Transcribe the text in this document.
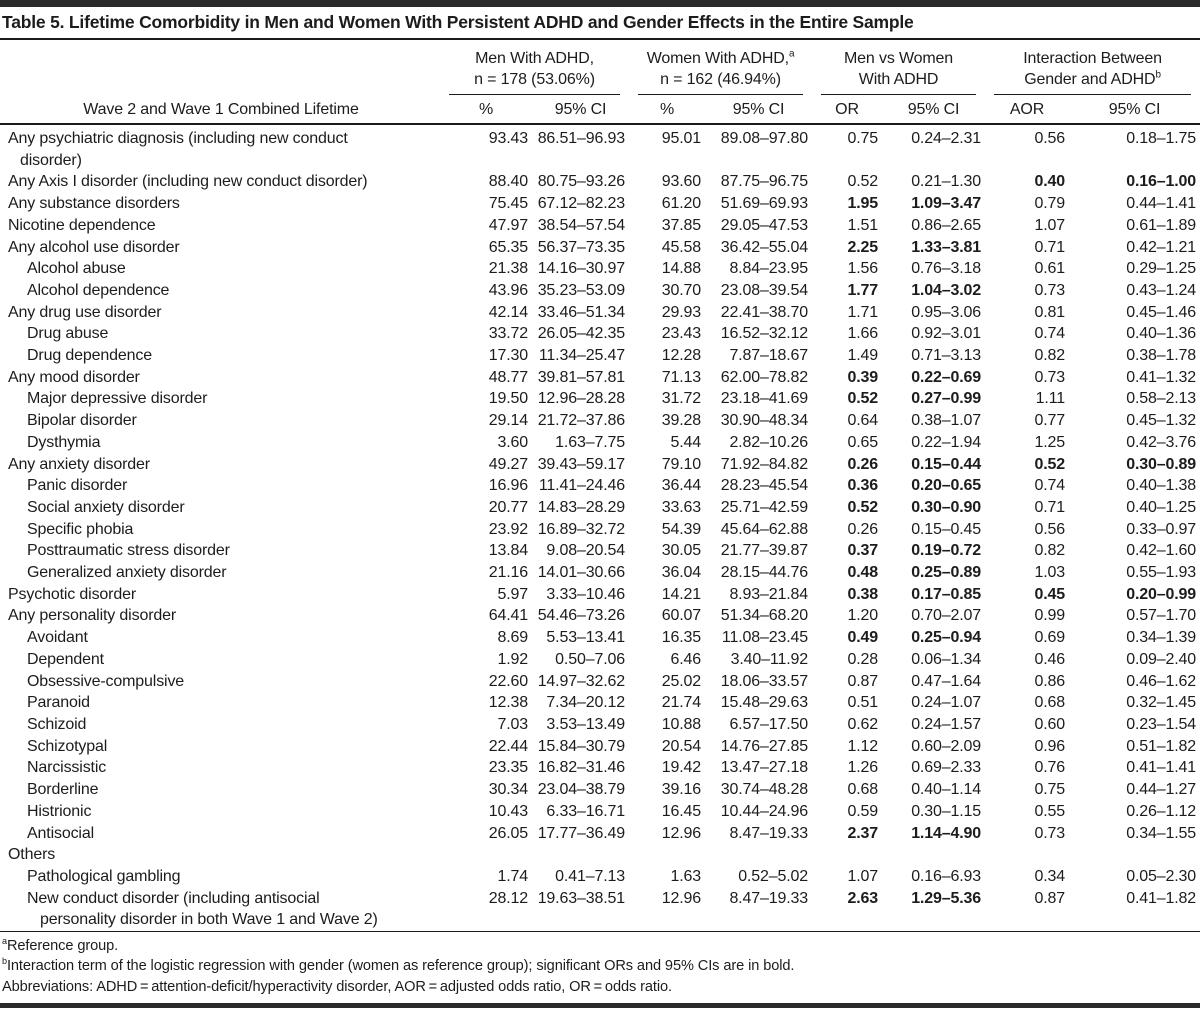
Table 5. Lifetime Comorbidity in Men and Women With Persistent ADHD and Gender Effects in the Entire Sample

	Men With ADHD,
n = 178 (53.06%)		Women With ADHD,$^a$
n = 162 (46.94%)		Men vs Women
With ADHD		Interaction Between
Gender and ADHD$^b$

Wave 2 and Wave 1 Combined Lifetime	%	95% CI	%	95% CI	OR	95% CI	AOR	95% CI
Any psychiatric diagnosis (including new conduct
disorder)	93.43	86.51–96.93	95.01	89.08–97.80	0.75	0.24–2.31	0.56	0.18–1.75
Any Axis I disorder (including new conduct disorder)	88.40	80.75–93.26	93.60	87.75–96.75	0.52	0.21–1.30	0.40	0.16–1.00
Any substance disorders	75.45	67.12–82.23	61.20	51.69–69.93	1.95	1.09–3.47	0.79	0.44–1.41
Nicotine dependence	47.97	38.54–57.54	37.85	29.05–47.53	1.51	0.86–2.65	1.07	0.61–1.89
Any alcohol use disorder	65.35	56.37–73.35	45.58	36.42–55.04	2.25	1.33–3.81	0.71	0.42–1.21
Alcohol abuse	21.38	14.16–30.97	14.88	8.84–23.95	1.56	0.76–3.18	0.61	0.29–1.25
Alcohol dependence	43.96	35.23–53.09	30.70	23.08–39.54	1.77	1.04–3.02	0.73	0.43–1.24
Any drug use disorder	42.14	33.46–51.34	29.93	22.41–38.70	1.71	0.95–3.06	0.81	0.45–1.46
Drug abuse	33.72	26.05–42.35	23.43	16.52–32.12	1.66	0.92–3.01	0.74	0.40–1.36
Drug dependence	17.30	11.34–25.47	12.28	7.87–18.67	1.49	0.71–3.13	0.82	0.38–1.78
Any mood disorder	48.77	39.81–57.81	71.13	62.00–78.82	0.39	0.22–0.69	0.73	0.41–1.32
Major depressive disorder	19.50	12.96–28.28	31.72	23.18–41.69	0.52	0.27–0.99	1.11	0.58–2.13
Bipolar disorder	29.14	21.72–37.86	39.28	30.90–48.34	0.64	0.38–1.07	0.77	0.45–1.32
Dysthymia	3.60	1.63–7.75	5.44	2.82–10.26	0.65	0.22–1.94	1.25	0.42–3.76
Any anxiety disorder	49.27	39.43–59.17	79.10	71.92–84.82	0.26	0.15–0.44	0.52	0.30–0.89
Panic disorder	16.96	11.41–24.46	36.44	28.23–45.54	0.36	0.20–0.65	0.74	0.40–1.38
Social anxiety disorder	20.77	14.83–28.29	33.63	25.71–42.59	0.52	0.30–0.90	0.71	0.40–1.25
Specific phobia	23.92	16.89–32.72	54.39	45.64–62.88	0.26	0.15–0.45	0.56	0.33–0.97
Posttraumatic stress disorder	13.84	9.08–20.54	30.05	21.77–39.87	0.37	0.19–0.72	0.82	0.42–1.60
Generalized anxiety disorder	21.16	14.01–30.66	36.04	28.15–44.76	0.48	0.25–0.89	1.03	0.55–1.93
Psychotic disorder	5.97	3.33–10.46	14.21	8.93–21.84	0.38	0.17–0.85	0.45	0.20–0.99
Any personality disorder	64.41	54.46–73.26	60.07	51.34–68.20	1.20	0.70–2.07	0.99	0.57–1.70
Avoidant	8.69	5.53–13.41	16.35	11.08–23.45	0.49	0.25–0.94	0.69	0.34–1.39
Dependent	1.92	0.50–7.06	6.46	3.40–11.92	0.28	0.06–1.34	0.46	0.09–2.40
Obsessive-compulsive	22.60	14.97–32.62	25.02	18.06–33.57	0.87	0.47–1.64	0.86	0.46–1.62
Paranoid	12.38	7.34–20.12	21.74	15.48–29.63	0.51	0.24–1.07	0.68	0.32–1.45
Schizoid	7.03	3.53–13.49	10.88	6.57–17.50	0.62	0.24–1.57	0.60	0.23–1.54
Schizotypal	22.44	15.84–30.79	20.54	14.76–27.85	1.12	0.60–2.09	0.96	0.51–1.82
Narcissistic	23.35	16.82–31.46	19.42	13.47–27.18	1.26	0.69–2.33	0.76	0.41–1.41
Borderline	30.34	23.04–38.79	39.16	30.74–48.28	0.68	0.40–1.14	0.75	0.44–1.27
Histrionic	10.43	6.33–16.71	16.45	10.44–24.96	0.59	0.30–1.15	0.55	0.26–1.12
Antisocial	26.05	17.77–36.49	12.96	8.47–19.33	2.37	1.14–4.90	0.73	0.34–1.55
Others								
Pathological gambling	1.74	0.41–7.13	1.63	0.52–5.02	1.07	0.16–6.93	0.34	0.05–2.30
New conduct disorder (including antisocial
personality disorder in both Wave 1 and Wave 2)	28.12	19.63–38.51	12.96	8.47–19.33	2.63	1.29–5.36	0.87	0.41–1.82
$^a$Reference group.
$^b$Interaction term of the logistic regression with gender (women as reference group); significant ORs and 95% CIs are in bold.
Abbreviations: ADHD = attention-deficit/hyperactivity disorder, AOR = adjusted odds ratio, OR = odds ratio.
